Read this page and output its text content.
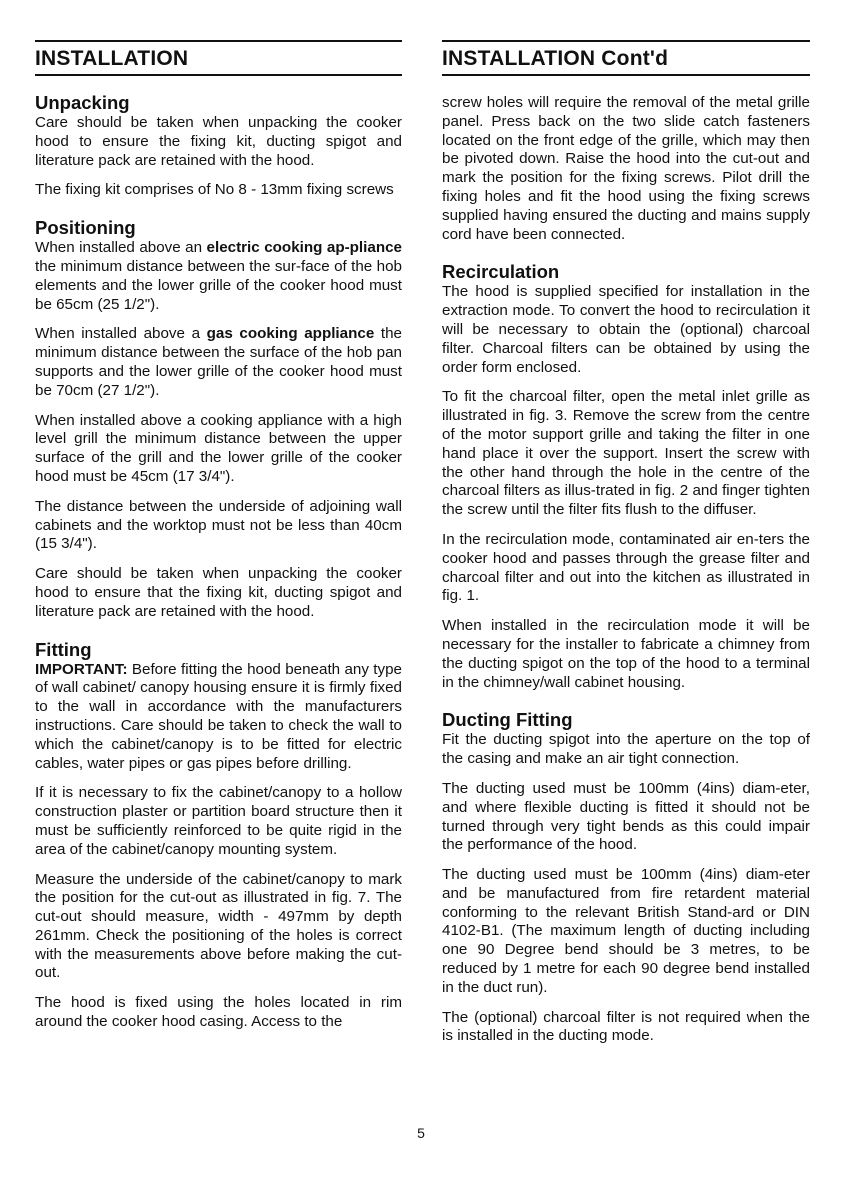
INSTALLATION
Unpacking

Care should be taken when unpacking the cooker hood to ensure the fixing kit, ducting spigot and literature pack are retained with the hood.

The fixing kit comprises of No 8 - 13mm fixing screws

Positioning

When installed above an electric cooking ap-pliance the minimum distance between the sur-face of the hob elements and the lower grille of the cooker hood must be 65cm (25 1/2").

When installed above a gas cooking appliance the minimum distance between the surface of the hob pan supports and the lower grille of the cooker hood must be 70cm (27 1/2").

When installed above a cooking appliance with a high level grill the minimum distance between the upper surface of the grill and the lower grille of the cooker hood must be 45cm (17 3/4").

The distance between the underside of adjoining wall cabinets and the worktop must not be less than 40cm (15 3/4").

Care should be taken when unpacking the cooker hood to ensure that the fixing kit, ducting spigot and literature pack are retained with the hood.

Fitting

IMPORTANT: Before fitting the hood beneath any type of wall cabinet/ canopy housing ensure it is firmly fixed to the wall in accordance with the manufacturers instructions. Care should be taken to check the wall to which the cabinet/canopy is to be fitted for electric cables, water pipes or gas pipes before drilling.

If it is necessary to fix the cabinet/canopy to a hollow construction plaster or partition board structure then it must be sufficiently reinforced to be quite rigid in the area of the cabinet/canopy mounting system.

Measure the underside of the cabinet/canopy to mark the position for the cut-out as illustrated in fig. 7. The cut-out should measure, width - 497mm by depth 261mm. Check the positioning of the holes is correct with the measurements above before making the cut-out.

The hood is fixed using the holes located in rim around the cooker hood casing. Access to the

INSTALLATION Cont'd

screw holes will require the removal of the metal grille panel. Press back on the two slide catch fasteners located on the front edge of the grille, which may then be pivoted down. Raise the hood into the cut-out and mark the position for the fixing screws. Pilot drill the fixing holes and fit the hood using the fixing screws supplied having ensured the ducting and mains supply cord have been connected.

Recirculation

The hood is supplied specified for installation in the extraction mode. To convert the hood to recirculation it will be necessary to obtain the (optional) charcoal filter. Charcoal filters can be obtained by using the order form enclosed.

To fit the charcoal filter, open the metal inlet grille as illustrated in fig. 3. Remove the screw from the centre of the motor support grille and taking the filter in one hand place it over the support. Insert the screw with the other hand through the hole in the centre of the charcoal filters as illus-trated in fig. 2 and finger tighten the screw until the filter fits flush to the diffuser.

In the recirculation mode, contaminated air en-ters the cooker hood and passes through the grease filter and charcoal filter and out into the kitchen as illustrated in fig. 1.

When installed in the recirculation mode it will be necessary for the installer to fabricate a chimney from the ducting spigot on the top of the hood to a terminal in the chimney/wall cabinet housing.

Ducting Fitting

Fit the ducting spigot into the aperture on the top of the casing and make an air tight connection.

The ducting used must be 100mm (4ins) diam-eter, and where flexible ducting is fitted it should not be turned through very tight bends as this could impair the performance of the hood.

The ducting used must be 100mm (4ins) diam-eter and be manufactured from fire retardent material conforming to the relevant British Stand-ard or DIN 4102-B1. (The maximum length of ducting including one 90 Degree bend should be 3 metres, to be reduced by 1 metre for each 90 degree bend installed in the duct run).

The (optional) charcoal filter is not required when the is installed in the ducting mode.

5
